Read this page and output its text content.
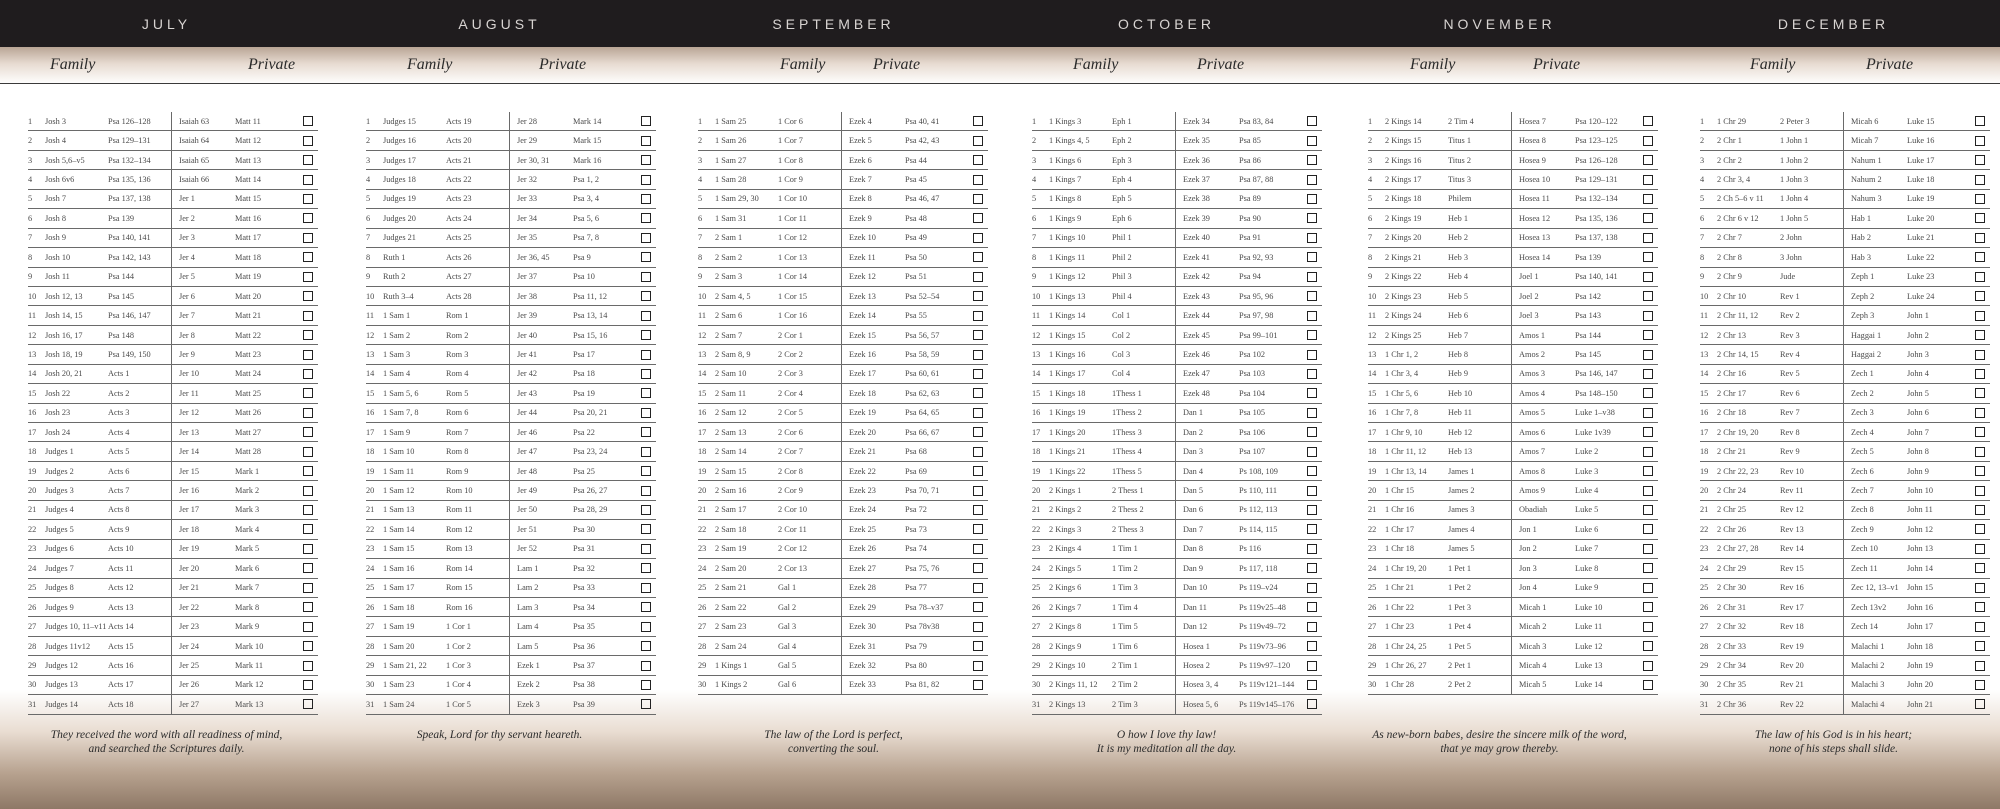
JULY
Family	Private
1	Josh 3	Psa 126–128	Isaiah 63	Matt 11	
2	Josh 4	Psa 129–131	Isaiah 64	Matt 12	
3	Josh 5,6–v5	Psa 132–134	Isaiah 65	Matt 13	
4	Josh 6v6	Psa 135, 136	Isaiah 66	Matt 14	
5	Josh 7	Psa 137, 138	Jer 1	Matt 15	
6	Josh 8	Psa 139	Jer 2	Matt 16	
7	Josh 9	Psa 140, 141	Jer 3	Matt 17	
8	Josh 10	Psa 142, 143	Jer 4	Matt 18	
9	Josh 11	Psa 144	Jer 5	Matt 19	
10	Josh 12, 13	Psa 145	Jer 6	Matt 20	
11	Josh 14, 15	Psa 146, 147	Jer 7	Matt 21	
12	Josh 16, 17	Psa 148	Jer 8	Matt 22	
13	Josh 18, 19	Psa 149, 150	Jer 9	Matt 23	
14	Josh 20, 21	Acts 1	Jer 10	Matt 24	
15	Josh 22	Acts 2	Jer 11	Matt 25	
16	Josh 23	Acts 3	Jer 12	Matt 26	
17	Josh 24	Acts 4	Jer 13	Matt 27	
18	Judges 1	Acts 5	Jer 14	Matt 28	
19	Judges 2	Acts 6	Jer 15	Mark 1	
20	Judges 3	Acts 7	Jer 16	Mark 2	
21	Judges 4	Acts 8	Jer 17	Mark 3	
22	Judges 5	Acts 9	Jer 18	Mark 4	
23	Judges 6	Acts 10	Jer 19	Mark 5	
24	Judges 7	Acts 11	Jer 20	Mark 6	
25	Judges 8	Acts 12	Jer 21	Mark 7	
26	Judges 9	Acts 13	Jer 22	Mark 8	
27	Judges 10, 11–v11	Acts 14	Jer 23	Mark 9	
28	Judges 11v12	Acts 15	Jer 24	Mark 10	
29	Judges 12	Acts 16	Jer 25	Mark 11	
30	Judges 13	Acts 17	Jer 26	Mark 12	
31	Judges 14	Acts 18	Jer 27	Mark 13	
They received the word with all readiness of mind,
and searched the Scriptures daily.
AUGUST
Family	Private
1	Judges 15	Acts 19	Jer 28	Mark 14	
2	Judges 16	Acts 20	Jer 29	Mark 15	
3	Judges 17	Acts 21	Jer 30, 31	Mark 16	
4	Judges 18	Acts 22	Jer 32	Psa 1, 2	
5	Judges 19	Acts 23	Jer 33	Psa 3, 4	
6	Judges 20	Acts 24	Jer 34	Psa 5, 6	
7	Judges 21	Acts 25	Jer 35	Psa 7, 8	
8	Ruth 1	Acts 26	Jer 36, 45	Psa 9	
9	Ruth 2	Acts 27	Jer 37	Psa 10	
10	Ruth 3–4	Acts 28	Jer 38	Psa 11, 12	
11	1 Sam 1	Rom 1	Jer 39	Psa 13, 14	
12	1 Sam 2	Rom 2	Jer 40	Psa 15, 16	
13	1 Sam 3	Rom 3	Jer 41	Psa 17	
14	1 Sam 4	Rom 4	Jer 42	Psa 18	
15	1 Sam 5, 6	Rom 5	Jer 43	Psa 19	
16	1 Sam 7, 8	Rom 6	Jer 44	Psa 20, 21	
17	1 Sam 9	Rom 7	Jer 46	Psa 22	
18	1 Sam 10	Rom 8	Jer 47	Psa 23, 24	
19	1 Sam 11	Rom 9	Jer 48	Psa 25	
20	1 Sam 12	Rom 10	Jer 49	Psa 26, 27	
21	1 Sam 13	Rom 11	Jer 50	Psa 28, 29	
22	1 Sam 14	Rom 12	Jer 51	Psa 30	
23	1 Sam 15	Rom 13	Jer 52	Psa 31	
24	1 Sam 16	Rom 14	Lam 1	Psa 32	
25	1 Sam 17	Rom 15	Lam 2	Psa 33	
26	1 Sam 18	Rom 16	Lam 3	Psa 34	
27	1 Sam 19	1 Cor 1	Lam 4	Psa 35	
28	1 Sam 20	1 Cor 2	Lam 5	Psa 36	
29	1 Sam 21, 22	1 Cor 3	Ezek 1	Psa 37	
30	1 Sam 23	1 Cor 4	Ezek 2	Psa 38	
31	1 Sam 24	1 Cor 5	Ezek 3	Psa 39	
Speak, Lord for thy servant heareth.
SEPTEMBER
Family	Private
1	1 Sam 25	1 Cor 6	Ezek 4	Psa 40, 41	
2	1 Sam 26	1 Cor 7	Ezek 5	Psa 42, 43	
3	1 Sam 27	1 Cor 8	Ezek 6	Psa 44	
4	1 Sam 28	1 Cor 9	Ezek 7	Psa 45	
5	1 Sam 29, 30	1 Cor 10	Ezek 8	Psa 46, 47	
6	1 Sam 31	1 Cor 11	Ezek 9	Psa 48	
7	2 Sam 1	1 Cor 12	Ezek 10	Psa 49	
8	2 Sam 2	1 Cor 13	Ezek 11	Psa 50	
9	2 Sam 3	1 Cor 14	Ezek 12	Psa 51	
10	2 Sam 4, 5	1 Cor 15	Ezek 13	Psa 52–54	
11	2 Sam 6	1 Cor 16	Ezek 14	Psa 55	
12	2 Sam 7	2 Cor 1	Ezek 15	Psa 56, 57	
13	2 Sam 8, 9	2 Cor 2	Ezek 16	Psa 58, 59	
14	2 Sam 10	2 Cor 3	Ezek 17	Psa 60, 61	
15	2 Sam 11	2 Cor 4	Ezek 18	Psa 62, 63	
16	2 Sam 12	2 Cor 5	Ezek 19	Psa 64, 65	
17	2 Sam 13	2 Cor 6	Ezek 20	Psa 66, 67	
18	2 Sam 14	2 Cor 7	Ezek 21	Psa 68	
19	2 Sam 15	2 Cor 8	Ezek 22	Psa 69	
20	2 Sam 16	2 Cor 9	Ezek 23	Psa 70, 71	
21	2 Sam 17	2 Cor 10	Ezek 24	Psa 72	
22	2 Sam 18	2 Cor 11	Ezek 25	Psa 73	
23	2 Sam 19	2 Cor 12	Ezek 26	Psa 74	
24	2 Sam 20	2 Cor 13	Ezek 27	Psa 75, 76	
25	2 Sam 21	Gal 1	Ezek 28	Psa 77	
26	2 Sam 22	Gal 2	Ezek 29	Psa 78–v37	
27	2 Sam 23	Gal 3	Ezek 30	Psa 78v38	
28	2 Sam 24	Gal 4	Ezek 31	Psa 79	
29	1 Kings 1	Gal 5	Ezek 32	Psa 80	
30	1 Kings 2	Gal 6	Ezek 33	Psa 81, 82	
The law of the Lord is perfect,
converting the soul.
OCTOBER
Family	Private
1	1 Kings 3	Eph 1	Ezek 34	Psa 83, 84	
2	1 Kings 4, 5	Eph 2	Ezek 35	Psa 85	
3	1 Kings 6	Eph 3	Ezek 36	Psa 86	
4	1 Kings 7	Eph 4	Ezek 37	Psa 87, 88	
5	1 Kings 8	Eph 5	Ezek 38	Psa 89	
6	1 Kings 9	Eph 6	Ezek 39	Psa 90	
7	1 Kings 10	Phil 1	Ezek 40	Psa 91	
8	1 Kings 11	Phil 2	Ezek 41	Psa 92, 93	
9	1 Kings 12	Phil 3	Ezek 42	Psa 94	
10	1 Kings 13	Phil 4	Ezek 43	Psa 95, 96	
11	1 Kings 14	Col 1	Ezek 44	Psa 97, 98	
12	1 Kings 15	Col 2	Ezek 45	Psa 99–101	
13	1 Kings 16	Col 3	Ezek 46	Psa 102	
14	1 Kings 17	Col 4	Ezek 47	Psa 103	
15	1 Kings 18	1Thess 1	Ezek 48	Psa 104	
16	1 Kings 19	1Thess 2	Dan 1	Psa 105	
17	1 Kings 20	1Thess 3	Dan 2	Psa 106	
18	1 Kings 21	1Thess 4	Dan 3	Psa 107	
19	1 Kings 22	1Thess 5	Dan 4	Ps 108, 109	
20	2 Kings 1	2 Thess 1	Dan 5	Ps 110, 111	
21	2 Kings 2	2 Thess 2	Dan 6	Ps 112, 113	
22	2 Kings 3	2 Thess 3	Dan 7	Ps 114, 115	
23	2 Kings 4	1 Tim 1	Dan 8	Ps 116	
24	2 Kings 5	1 Tim 2	Dan 9	Ps 117, 118	
25	2 Kings 6	1 Tim 3	Dan 10	Ps 119–v24	
26	2 Kings 7	1 Tim 4	Dan 11	Ps 119v25–48	
27	2 Kings 8	1 Tim 5	Dan 12	Ps 119v49–72	
28	2 Kings 9	1 Tim 6	Hosea 1	Ps 119v73–96	
29	2 Kings 10	2 Tim 1	Hosea 2	Ps 119v97–120	
30	2 Kings 11, 12	2 Tim 2	Hosea 3, 4	Ps 119v121–144	
31	2 Kings 13	2 Tim 3	Hosea 5, 6	Ps 119v145–176	
O how I love thy law!
It is my meditation all the day.
NOVEMBER
Family	Private
1	2 Kings 14	2 Tim 4	Hosea 7	Psa 120–122	
2	2 Kings 15	Titus 1	Hosea 8	Psa 123–125	
3	2 Kings 16	Titus 2	Hosea 9	Psa 126–128	
4	2 Kings 17	Titus 3	Hosea 10	Psa 129–131	
5	2 Kings 18	Philem	Hosea 11	Psa 132–134	
6	2 Kings 19	Heb 1	Hosea 12	Psa 135, 136	
7	2 Kings 20	Heb 2	Hosea 13	Psa 137, 138	
8	2 Kings 21	Heb 3	Hosea 14	Psa 139	
9	2 Kings 22	Heb 4	Joel 1	Psa 140, 141	
10	2 Kings 23	Heb 5	Joel 2	Psa 142	
11	2 Kings 24	Heb 6	Joel 3	Psa 143	
12	2 Kings 25	Heb 7	Amos 1	Psa 144	
13	1 Chr 1, 2	Heb 8	Amos 2	Psa 145	
14	1 Chr 3, 4	Heb 9	Amos 3	Psa 146, 147	
15	1 Chr 5, 6	Heb 10	Amos 4	Psa 148–150	
16	1 Chr 7, 8	Heb 11	Amos 5	Luke 1–v38	
17	1 Chr 9, 10	Heb 12	Amos 6	Luke 1v39	
18	1 Chr 11, 12	Heb 13	Amos 7	Luke 2	
19	1 Chr 13, 14	James 1	Amos 8	Luke 3	
20	1 Chr 15	James 2	Amos 9	Luke 4	
21	1 Chr 16	James 3	Obadiah	Luke 5	
22	1 Chr 17	James 4	Jon 1	Luke 6	
23	1 Chr 18	James 5	Jon 2	Luke 7	
24	1 Chr 19, 20	1 Pet 1	Jon 3	Luke 8	
25	1 Chr 21	1 Pet 2	Jon 4	Luke 9	
26	1 Chr 22	1 Pet 3	Micah 1	Luke 10	
27	1 Chr 23	1 Pet 4	Micah 2	Luke 11	
28	1 Chr 24, 25	1 Pet 5	Micah 3	Luke 12	
29	1 Chr 26, 27	2 Pet 1	Micah 4	Luke 13	
30	1 Chr 28	2 Pet 2	Micah 5	Luke 14	
As new-born babes, desire the sincere milk of the word,
that ye may grow thereby.
DECEMBER
Family	Private
1	1 Chr 29	2 Peter 3	Micah 6	Luke 15	
2	2 Chr 1	1 John 1	Micah 7	Luke 16	
3	2 Chr 2	1 John 2	Nahum 1	Luke 17	
4	2 Chr 3, 4	1 John 3	Nahum 2	Luke 18	
5	2 Ch 5–6 v 11	1 John 4	Nahum 3	Luke 19	
6	2 Chr 6 v 12	1 John 5	Hab 1	Luke 20	
7	2 Chr 7	2 John	Hab 2	Luke 21	
8	2 Chr 8	3 John	Hab 3	Luke 22	
9	2 Chr 9	Jude	Zeph 1	Luke 23	
10	2 Chr 10	Rev 1	Zeph 2	Luke 24	
11	2 Chr 11, 12	Rev 2	Zeph 3	John 1	
12	2 Chr 13	Rev 3	Haggai 1	John 2	
13	2 Chr 14, 15	Rev 4	Haggai 2	John 3	
14	2 Chr 16	Rev 5	Zech 1	John 4	
15	2 Chr 17	Rev 6	Zech 2	John 5	
16	2 Chr 18	Rev 7	Zech 3	John 6	
17	2 Chr 19, 20	Rev 8	Zech 4	John 7	
18	2 Chr 21	Rev 9	Zech 5	John 8	
19	2 Chr 22, 23	Rev 10	Zech 6	John 9	
20	2 Chr 24	Rev 11	Zech 7	John 10	
21	2 Chr 25	Rev 12	Zech 8	John 11	
22	2 Chr 26	Rev 13	Zech 9	John 12	
23	2 Chr 27, 28	Rev 14	Zech 10	John 13	
24	2 Chr 29	Rev 15	Zech 11	John 14	
25	2 Chr 30	Rev 16	Zec 12, 13–v1	John 15	
26	2 Chr 31	Rev 17	Zech 13v2	John 16	
27	2 Chr 32	Rev 18	Zech 14	John 17	
28	2 Chr 33	Rev 19	Malachi 1	John 18	
29	2 Chr 34	Rev 20	Malachi 2	John 19	
30	2 Chr 35	Rev 21	Malachi 3	John 20	
31	2 Chr 36	Rev 22	Malachi 4	John 21	
The law of his God is in his heart;
none of his steps shall slide.
